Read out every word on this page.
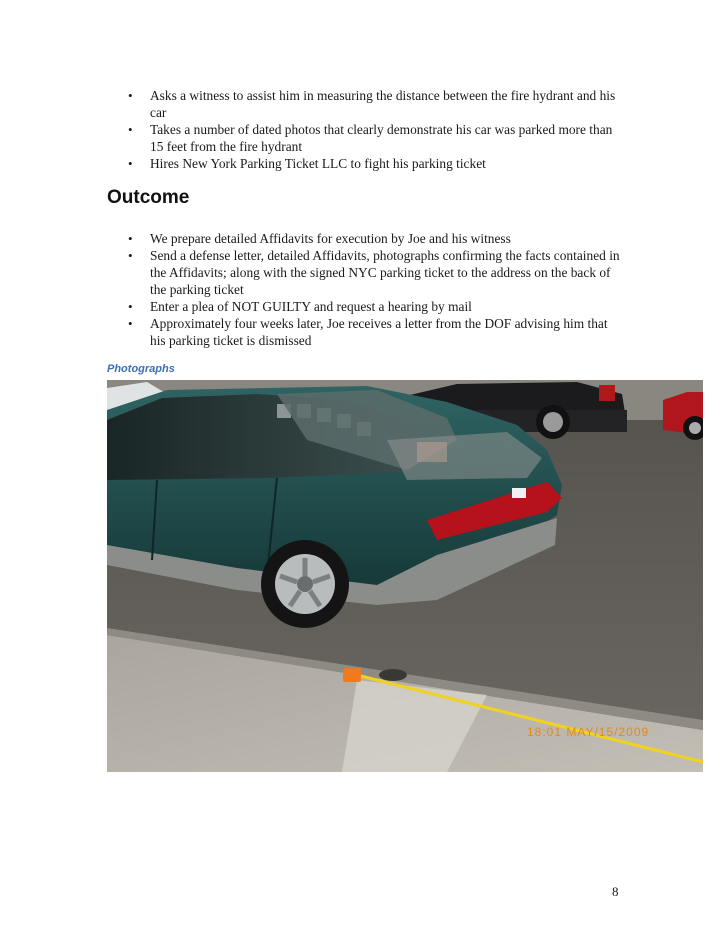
• Asks a witness to assist him in measuring the distance between the fire hydrant and his car
• Takes a number of dated photos that clearly demonstrate his car was parked more than 15 feet from the fire hydrant
• Hires New York Parking Ticket LLC to fight his parking ticket
Outcome
• We prepare detailed Affidavits for execution by Joe and his witness
• Send a defense letter, detailed Affidavits, photographs confirming the facts contained in the Affidavits; along with the signed NYC parking ticket to the address on the back of the parking ticket
• Enter a plea of NOT GUILTY and request a hearing by mail
• Approximately four weeks later, Joe receives a letter from the DOF advising him that his parking ticket is dismissed
Photographs
18:01 MAY/15/2009
8
